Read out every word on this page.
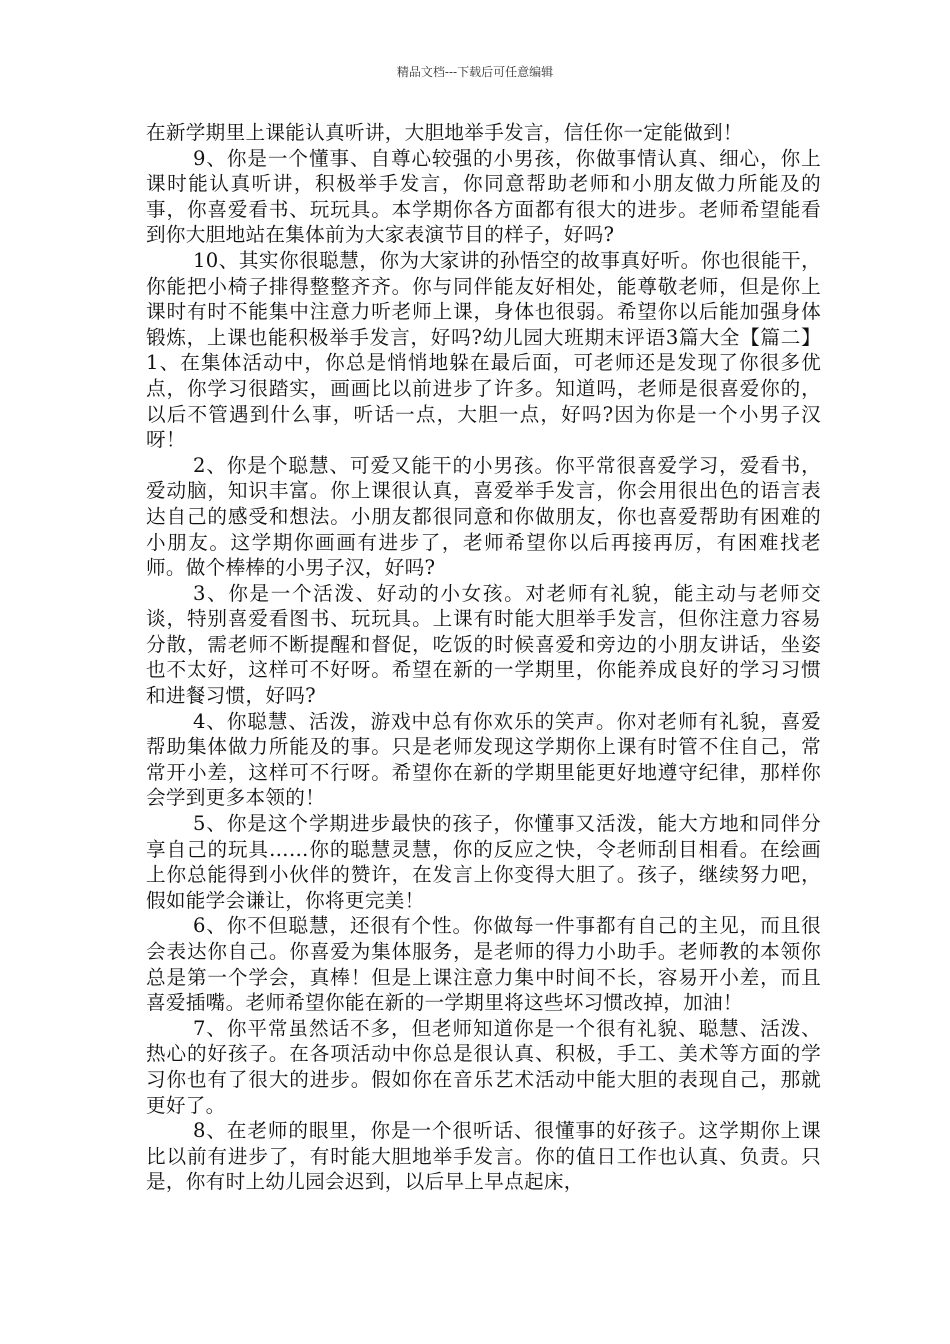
精品文档---下载后可任意编辑

在新学期里上课能认真听讲，大胆地举手发言，信任你一定能做到！

9、你是一个懂事、自尊心较强的小男孩，你做事情认真、细心，你上课时能认真听讲，积极举手发言，你同意帮助老师和小朋友做力所能及的事，你喜爱看书、玩玩具。本学期你各方面都有很大的进步。老师希望能看到你大胆地站在集体前为大家表演节目的样子，好吗?

10、其实你很聪慧，你为大家讲的孙悟空的故事真好听。你也很能干，你能把小椅子排得整整齐齐。你与同伴能友好相处，能尊敬老师，但是你上课时有时不能集中注意力听老师上课，身体也很弱。希望你以后能加强身体锻炼，上课也能积极举手发言，好吗?幼儿园大班期末评语3篇大全【篇二】1、在集体活动中，你总是悄悄地躲在最后面，可老师还是发现了你很多优点，你学习很踏实，画画比以前进步了许多。知道吗，老师是很喜爱你的，以后不管遇到什么事，听话一点，大胆一点，好吗?因为你是一个小男子汉呀！

2、你是个聪慧、可爱又能干的小男孩。你平常很喜爱学习，爱看书，爱动脑，知识丰富。你上课很认真，喜爱举手发言，你会用很出色的语言表达自己的感受和想法。小朋友都很同意和你做朋友，你也喜爱帮助有困难的小朋友。这学期你画画有进步了，老师希望你以后再接再厉，有困难找老师。做个棒棒的小男子汉，好吗?

3、你是一个活泼、好动的小女孩。对老师有礼貌，能主动与老师交谈，特别喜爱看图书、玩玩具。上课有时能大胆举手发言，但你注意力容易分散，需老师不断提醒和督促，吃饭的时候喜爱和旁边的小朋友讲话，坐姿也不太好，这样可不好呀。希望在新的一学期里，你能养成良好的学习习惯和进餐习惯，好吗?

4、你聪慧、活泼，游戏中总有你欢乐的笑声。你对老师有礼貌，喜爱帮助集体做力所能及的事。只是老师发现这学期你上课有时管不住自己，常常开小差，这样可不行呀。希望你在新的学期里能更好地遵守纪律，那样你会学到更多本领的！

5、你是这个学期进步最快的孩子，你懂事又活泼，能大方地和同伴分享自己的玩具……你的聪慧灵慧，你的反应之快，令老师刮目相看。在绘画上你总能得到小伙伴的赞许，在发言上你变得大胆了。孩子，继续努力吧，假如能学会谦让，你将更完美！

6、你不但聪慧，还很有个性。你做每一件事都有自己的主见，而且很会表达你自己。你喜爱为集体服务，是老师的得力小助手。老师教的本领你总是第一个学会，真棒！但是上课注意力集中时间不长，容易开小差，而且喜爱插嘴。老师希望你能在新的一学期里将这些坏习惯改掉，加油！

7、你平常虽然话不多，但老师知道你是一个很有礼貌、聪慧、活泼、热心的好孩子。在各项活动中你总是很认真、积极，手工、美术等方面的学习你也有了很大的进步。假如你在音乐艺术活动中能大胆的表现自己，那就更好了。

8、在老师的眼里，你是一个很听话、很懂事的好孩子。这学期你上课比以前有进步了，有时能大胆地举手发言。你的值日工作也认真、负责。只是，你有时上幼儿园会迟到，以后早上早点起床，
